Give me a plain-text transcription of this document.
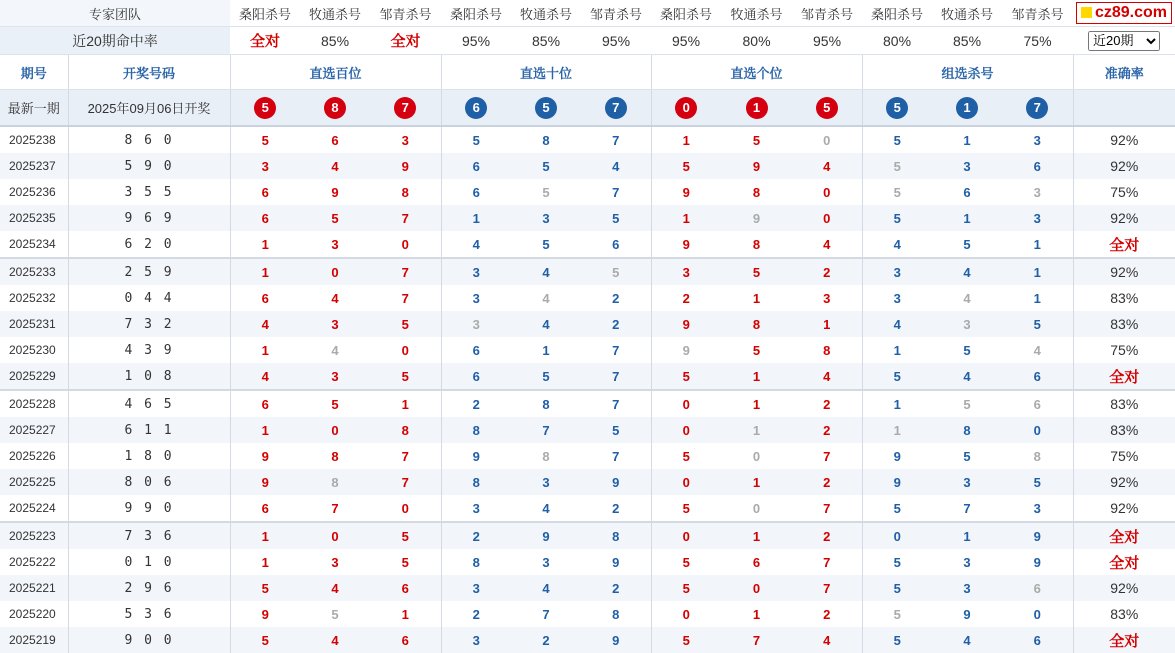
专家团队		桑阳杀号	牧通杀号	邹青杀号	桑阳杀号	牧通杀号	邹青杀号	桑阳杀号	牧通杀号	邹青杀号	桑阳杀号	牧通杀号	邹青杀号	cz89.com
近20期命中率		全对	85%	全对	95%	85%	95%	95%	80%	95%	80%	85%	75%	
近20期
期号	开奖号码	直选百位			直选十位			直选个位			组选杀号			准确率
最新一期	2025年09月06日开奖	5	8	7	6	5	7	0	1	5	5	1	7	
2025238	8 6 0	5	6	3	5	8	7	1	5	0	5	1	3	92%
2025237	5 9 0	3	4	9	6	5	4	5	9	4	5	3	6	92%
2025236	3 5 5	6	9	8	6	5	7	9	8	0	5	6	3	75%
2025235	9 6 9	6	5	7	1	3	5	1	9	0	5	1	3	92%
2025234	6 2 0	1	3	0	4	5	6	9	8	4	4	5	1	全对
2025233	2 5 9	1	0	7	3	4	5	3	5	2	3	4	1	92%
2025232	0 4 4	6	4	7	3	4	2	2	1	3	3	4	1	83%
2025231	7 3 2	4	3	5	3	4	2	9	8	1	4	3	5	83%
2025230	4 3 9	1	4	0	6	1	7	9	5	8	1	5	4	75%
2025229	1 0 8	4	3	5	6	5	7	5	1	4	5	4	6	全对
2025228	4 6 5	6	5	1	2	8	7	0	1	2	1	5	6	83%
2025227	6 1 1	1	0	8	8	7	5	0	1	2	1	8	0	83%
2025226	1 8 0	9	8	7	9	8	7	5	0	7	9	5	8	75%
2025225	8 0 6	9	8	7	8	3	9	0	1	2	9	3	5	92%
2025224	9 9 0	6	7	0	3	4	2	5	0	7	5	7	3	92%
2025223	7 3 6	1	0	5	2	9	8	0	1	2	0	1	9	全对
2025222	0 1 0	1	3	5	8	3	9	5	6	7	5	3	9	全对
2025221	2 9 6	5	4	6	3	4	2	5	0	7	5	3	6	92%
2025220	5 3 6	9	5	1	2	7	8	0	1	2	5	9	0	83%
2025219	9 0 0	5	4	6	3	2	9	5	7	4	5	4	6	全对
